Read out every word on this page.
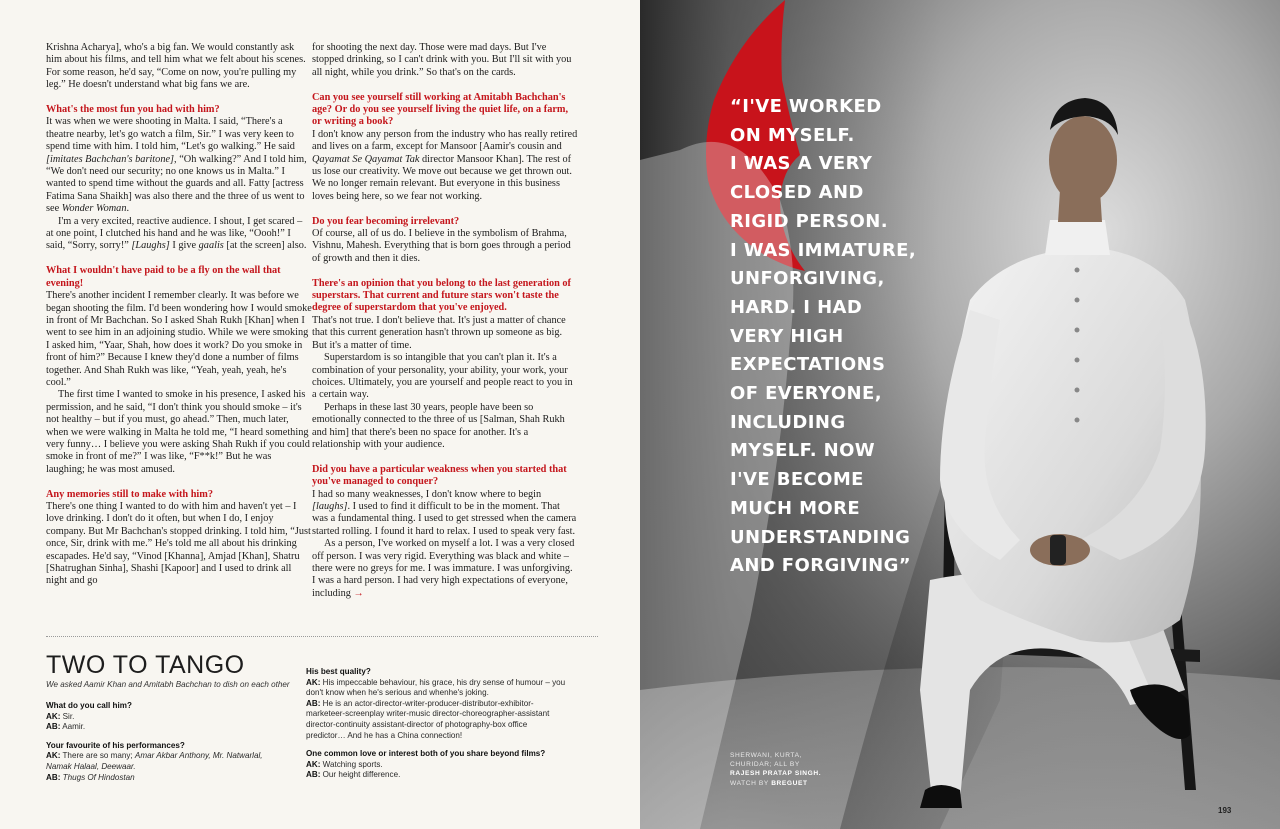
Krishna Acharya], who's a big fan. We would constantly ask him about his films, and tell him what we felt about his scenes. For some reason, he'd say, “Come on now, you're pulling my leg.” He doesn't understand what big fans we are.

What's the most fun you had with him?

It was when we were shooting in Malta. I said, “There's a theatre nearby, let's go watch a film, Sir.” I was very keen to spend time with him. I told him, “Let's go walking.” He said [imitates Bachchan's baritone], “Oh walking?” And I told him, “We don't need our security; no one knows us in Malta.” I wanted to spend time without the guards and all. Fatty [actress Fatima Sana Shaikh] was also there and the three of us went to see Wonder Woman.

I'm a very excited, reactive audience. I shout, I get scared – at one point, I clutched his hand and he was like, “Oooh!” I said, “Sorry, sorry!” [Laughs] I give gaalis [at the screen] also.

What I wouldn't have paid to be a fly on the wall that evening!

There's another incident I remember clearly. It was before we began shooting the film. I'd been wondering how I would smoke in front of Mr Bachchan. So I asked Shah Rukh [Khan] when I went to see him in an adjoining studio. While we were smoking I asked him, “Yaar, Shah, how does it work? Do you smoke in front of him?” Because I knew they'd done a number of films together. And Shah Rukh was like, “Yeah, yeah, yeah, he's cool.”

The first time I wanted to smoke in his presence, I asked his permission, and he said, “I don't think you should smoke – it's not healthy – but if you must, go ahead.” Then, much later, when we were walking in Malta he told me, “I heard something very funny… I believe you were asking Shah Rukh if you could smoke in front of me?” I was like, “F**k!” But he was laughing; he was most amused.

Any memories still to make with him?

There's one thing I wanted to do with him and haven't yet – I love drinking. I don't do it often, but when I do, I enjoy company. But Mr Bachchan's stopped drinking. I told him, “Just once, Sir, drink with me.” He's told me all about his drinking escapades. He'd say, “Vinod [Khanna], Amjad [Khan], Shatru [Shatrughan Sinha], Shashi [Kapoor] and I used to drink all night and go

for shooting the next day. Those were mad days. But I've stopped drinking, so I can't drink with you. But I'll sit with you all night, while you drink.” So that's on the cards.

Can you see yourself still working at Amitabh Bachchan's age? Or do you see yourself living the quiet life, on a farm, or writing a book?

I don't know any person from the industry who has really retired and lives on a farm, except for Mansoor [Aamir's cousin and Qayamat Se Qayamat Tak director Mansoor Khan]. The rest of us lose our creativity. We move out because we get thrown out. We no longer remain relevant. But everyone in this business loves being here, so we fear not working.

Do you fear becoming irrelevant?

Of course, all of us do. I believe in the symbolism of Brahma, Vishnu, Mahesh. Everything that is born goes through a period of growth and then it dies.

There's an opinion that you belong to the last generation of superstars. That current and future stars won't taste the degree of superstardom that you've enjoyed.

That's not true. I don't believe that. It's just a matter of chance that this current generation hasn't thrown up someone as big. But it's a matter of time.

Superstardom is so intangible that you can't plan it. It's a combination of your personality, your ability, your work, your choices. Ultimately, you are yourself and people react to you in a certain way.

Perhaps in these last 30 years, people have been so emotionally connected to the three of us [Salman, Shah Rukh and him] that there's been no space for another. It's a relationship with your audience.

Did you have a particular weakness when you started that you've managed to conquer?

I had so many weaknesses, I don't know where to begin [laughs]. I used to find it difficult to be in the moment. That was a fundamental thing. I used to get stressed when the camera started rolling. I found it hard to relax. I used to speak very fast.

As a person, I've worked on myself a lot. I was a very closed off person. I was very rigid. Everything was black and white – there were no greys for me. I was immature. I was unforgiving. I was a hard person. I had very high expectations of everyone, including →

TWO TO TANGO
We asked Aamir Khan and Amitabh Bachchan to dish on each other
What do you call him?
AK: Sir.
AB: Aamir.
Your favourite of his performances?
AK: There are so many; Amar Akbar Anthony, Mr. Natwarlal, Namak Halaal, Deewaar.
AB: Thugs Of Hindostan
His best quality?
AK: His impeccable behaviour, his grace, his dry sense of humour – you don't know when he's serious and whenhe's joking.
AB: He is an actor-director-writer-producer-distributor-exhibitor-marketeer-screenplay writer-music director-choreographer-assistant director-continuity assistant-director of photography-box office predictor… And he has a China connection!
One common love or interest both of you share beyond films?
AK: Watching sports.
AB: Our height difference.
“I'VE WORKED
ON MYSELF.
I WAS A VERY
CLOSED AND
RIGID PERSON.
I WAS IMMATURE,
UNFORGIVING,
HARD. I HAD
VERY HIGH
EXPECTATIONS
OF EVERYONE,
INCLUDING
MYSELF. NOW
I'VE BECOME
MUCH MORE
UNDERSTANDING
AND FORGIVING”
SHERWANI, KURTA,
CHURIDAR; ALL BY
RAJESH PRATAP SINGH.
WATCH BY BREGUET
193
